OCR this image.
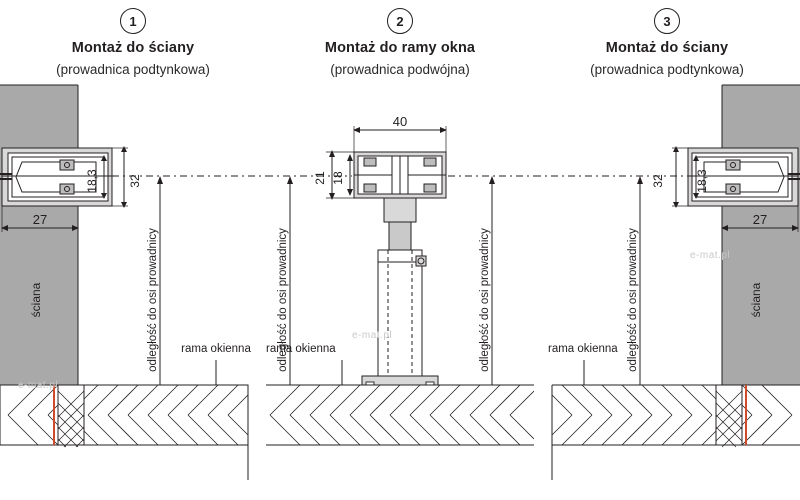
1
Montaż do ściany
(prowadnica podtynkowa)
32
18,3
27
ściana	odległość do osi prowadnicy rama okienna
2
Montaż do ramy okna
(prowadnica podwójna)
40
21 18
odległość do osi prowadnicy	odległość do osi prowadnicy
rama okienna
3
Montaż do ściany
(prowadnica podtynkowa)
32	18,3
27
ściana
odległość do osi prowadnicy
rama okienna
e-mat.pl
e-mat.pl
e-mat.pl
